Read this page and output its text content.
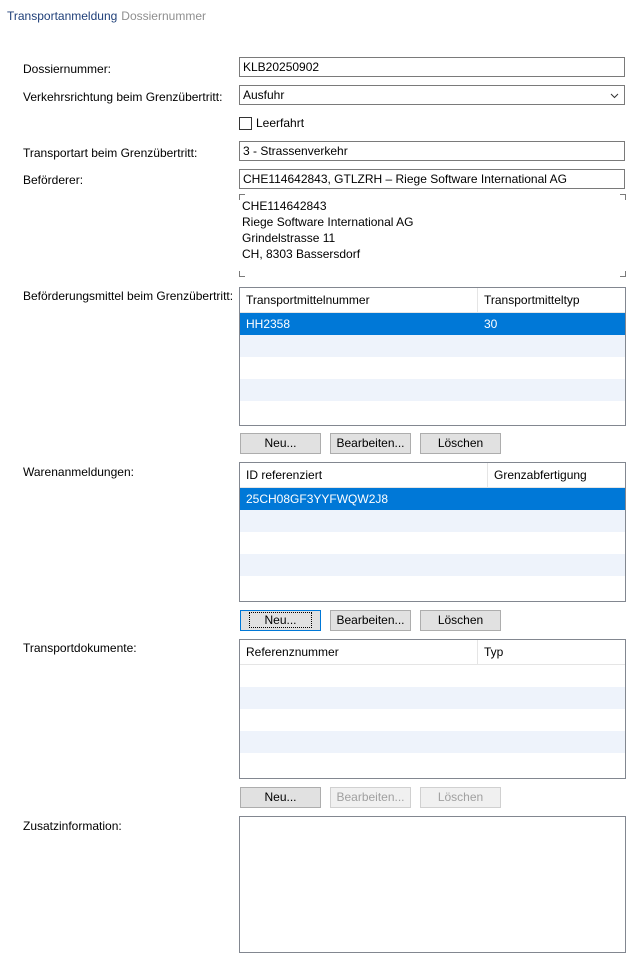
Transportanmeldung Dossiernummer
Dossiernummer:	KLB20250902
Verkehrsrichtung beim Grenzübertritt:	Ausfuhr
Leerfahrt
Transportart beim Grenzübertritt:	3 - Strassenverkehr
Beförderer:	CHE114642843, GTLZRH – Riege Software International AG
CHE114642843
Riege Software International AG
Grindelstrasse 11
CH, 8303 Bassersdorf
Beförderungsmittel beim Grenzübertritt:	Transportmittelnummer	Transportmitteltyp
HH2358	30
Neu...	Bearbeiten...	Löschen
Warenanmeldungen:	ID referenziert	Grenzabfertigung
25CH08GF3YYFWQW2J8
Neu...	Bearbeiten...	Löschen
Transportdokumente:	Referenznummer	Typ
Neu...	Bearbeiten...	Löschen
Zusatzinformation:
